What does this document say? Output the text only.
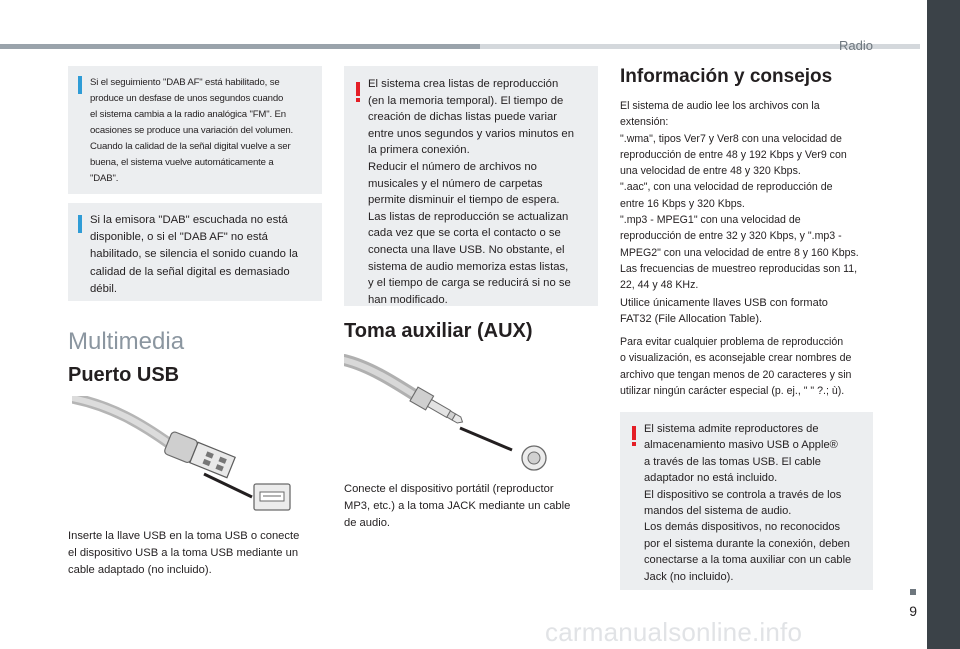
Radio
9
carmanualsonline.info

Si el seguimiento "DAB AF" está habilitado, se
produce un desfase de unos segundos cuando
el sistema cambia a la radio analógica "FM". En
ocasiones se produce una variación del volumen.
Cuando la calidad de la señal digital vuelve a ser
buena, el sistema vuelve automáticamente a
"DAB".

Si la emisora "DAB" escuchada no está
disponible, o si el "DAB AF" no está
habilitado, se silencia el sonido cuando la
calidad de la señal digital es demasiado
débil.

Multimedia
Puerto USB

Inserte la llave USB en la toma USB o conecte
el dispositivo USB a la toma USB mediante un
cable adaptado (no incluido).

El sistema crea listas de reproducción
(en la memoria temporal). El tiempo de
creación de dichas listas puede variar
entre unos segundos y varios minutos en
la primera conexión.
Reducir el número de archivos no
musicales y el número de carpetas
permite disminuir el tiempo de espera.
Las listas de reproducción se actualizan
cada vez que se corta el contacto o se
conecta una llave USB. No obstante, el
sistema de audio memoriza estas listas,
y el tiempo de carga se reducirá si no se
han modificado.

Toma auxiliar (AUX)

Conecte el dispositivo portátil (reproductor
MP3, etc.) a la toma JACK mediante un cable
de audio.

Información y consejos

El sistema de audio lee los archivos con la
extensión:
".wma", tipos Ver7 y Ver8 con una velocidad de
reproducción de entre 48 y 192 Kbps y Ver9 con
una velocidad de entre 48 y 320 Kbps.
".aac", con una velocidad de reproducción de
entre 16 Kbps y 320 Kbps.
".mp3 - MPEG1" con una velocidad de
reproducción de entre 32 y 320 Kbps, y ".mp3 -
MPEG2" con una velocidad de entre 8 y 160 Kbps.
Las frecuencias de muestreo reproducidas son 11,
22, 44 y 48 KHz.

Utilice únicamente llaves USB con formato
FAT32 (File Allocation Table).

Para evitar cualquier problema de reproducción
o visualización, es aconsejable crear nombres de
archivo que tengan menos de 20 caracteres y sin
utilizar ningún carácter especial (p. ej., " " ?.; ù).

El sistema admite reproductores de
almacenamiento masivo USB o Apple®
a través de las tomas USB. El cable
adaptador no está incluido.
El dispositivo se controla a través de los
mandos del sistema de audio.
Los demás dispositivos, no reconocidos
por el sistema durante la conexión, deben
conectarse a la toma auxiliar con un cable
Jack (no incluido).
